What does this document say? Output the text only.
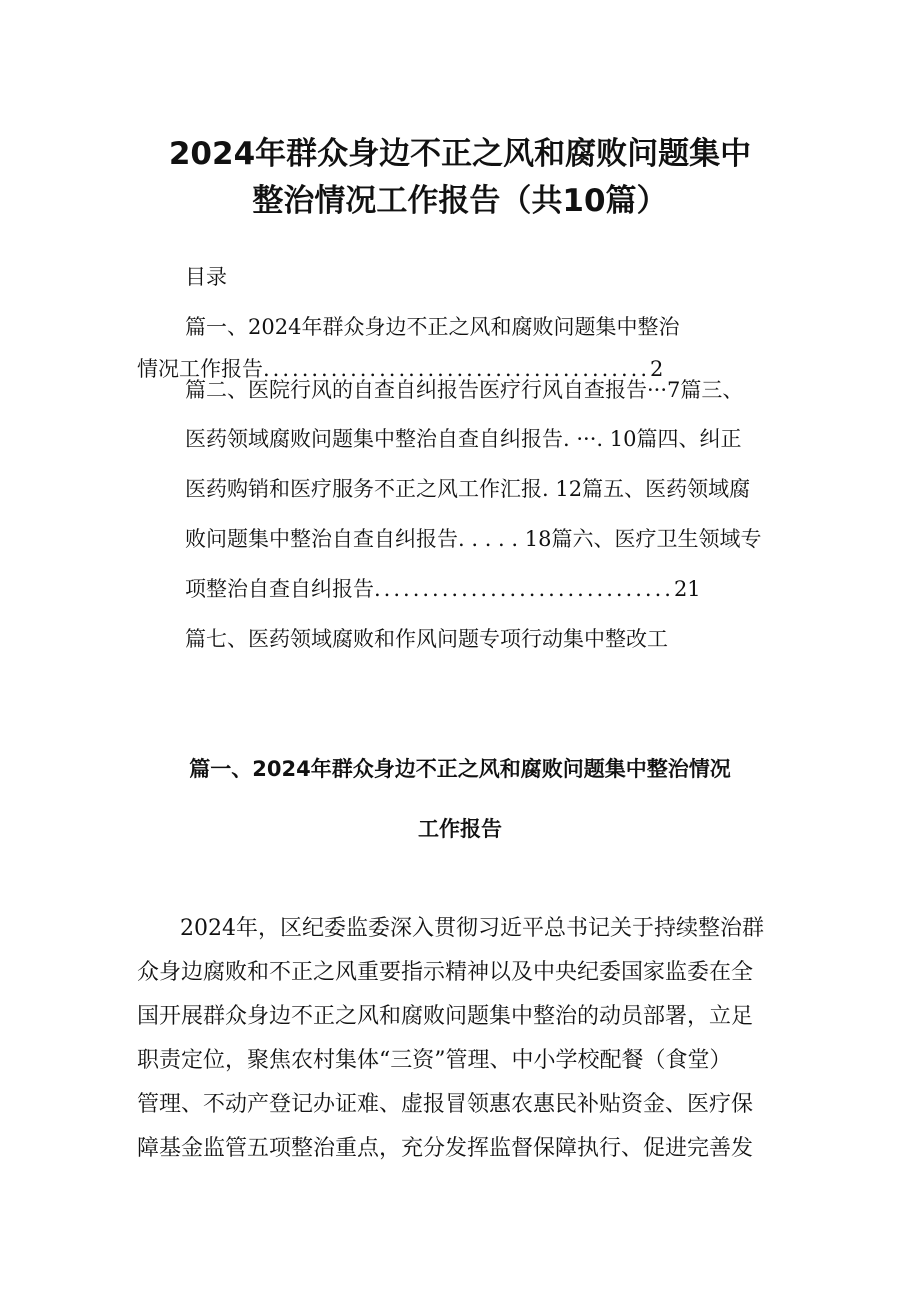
2024年群众身边不正之风和腐败问题集中
整治情况工作报告（共10篇）
目录
篇一、2024年群众身边不正之风和腐败问题集中整治
情况工作报告........................................2
篇二、医院行风的自查自纠报告医疗行风自查报告···7篇三、
医药领域腐败问题集中整治自查自纠报告. ···. 10篇四、纠正
医药购销和医疗服务不正之风工作汇报. 12篇五、医药领域腐
败问题集中整治自查自纠报告. . . . . 18篇六、医疗卫生领域专
项整治自查自纠报告...............................21
篇七、医药领域腐败和作风问题专项行动集中整改工
篇一、2024年群众身边不正之风和腐败问题集中整治情况
工作报告
2024年，区纪委监委深入贯彻习近平总书记关于持续整治群
众身边腐败和不正之风重要指示精神以及中央纪委国家监委在全
国开展群众身边不正之风和腐败问题集中整治的动员部署，立足
职责定位，聚焦农村集体“三资”管理、中小学校配餐（食堂）
管理、不动产登记办证难、虚报冒领惠农惠民补贴资金、医疗保
障基金监管五项整治重点，充分发挥监督保障执行、促进完善发
